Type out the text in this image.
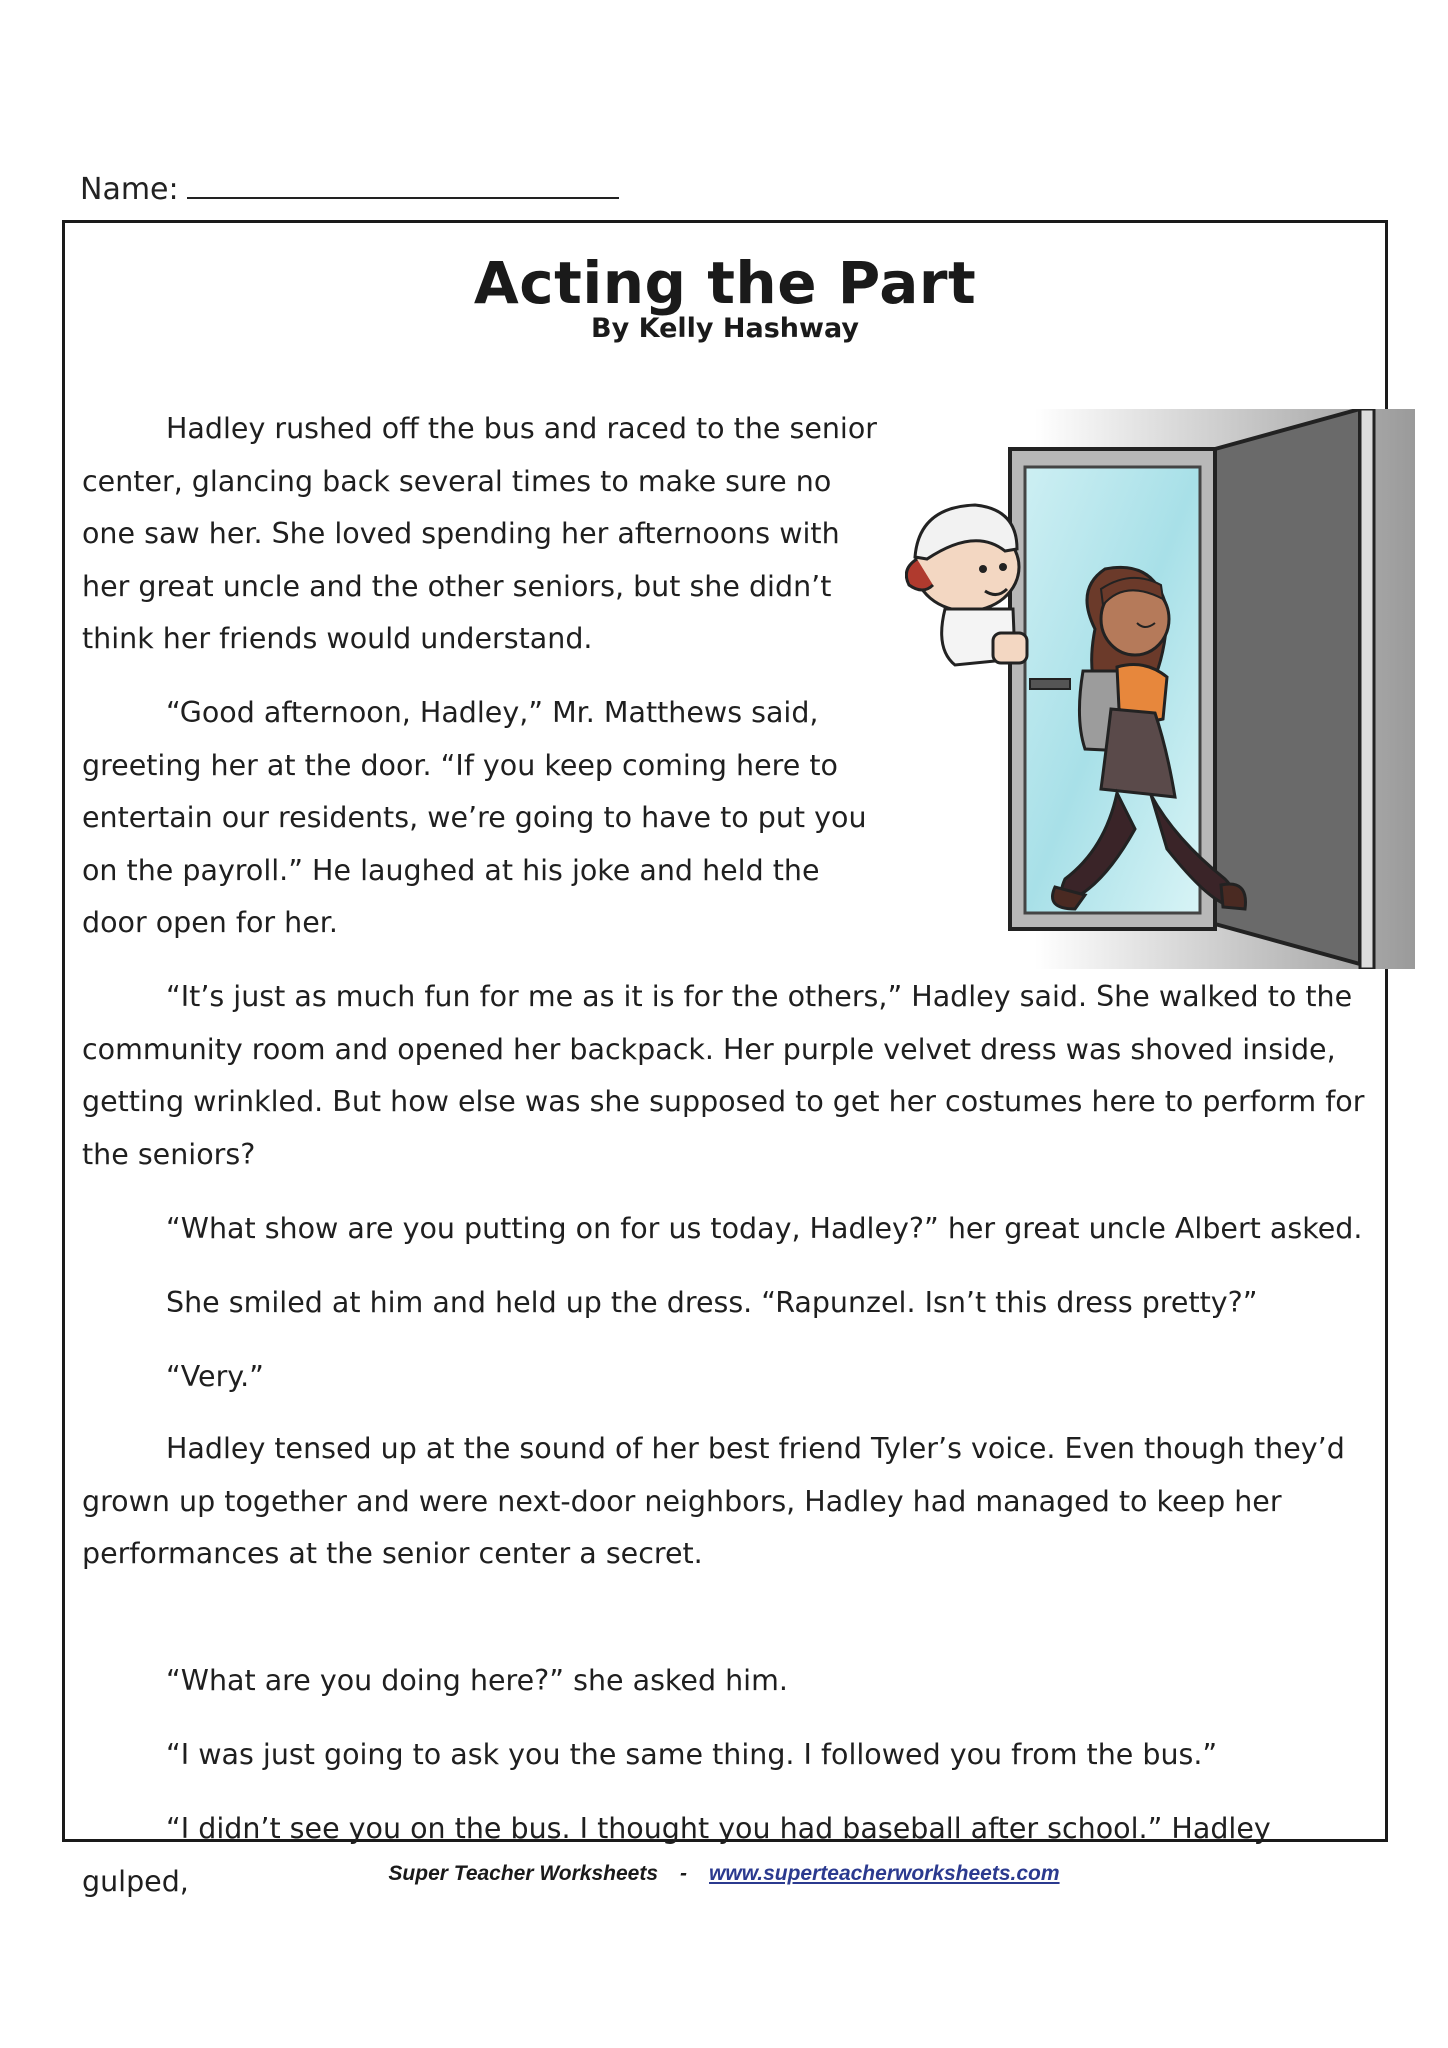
Name:
Acting the Part
By Kelly Hashway

Hadley rushed off the bus and raced to the senior center, glancing back several times to make sure no one saw her. She loved spending her afternoons with her great uncle and the other seniors, but she didn’t think her friends would understand.

“Good afternoon, Hadley,” Mr. Matthews said, greeting her at the door. “If you keep coming here to entertain our residents, we’re going to have to put you on the payroll.” He laughed at his joke and held the door open for her.

“It’s just as much fun for me as it is for the others,” Hadley said. She walked to the community room and opened her backpack. Her purple velvet dress was shoved inside, getting wrinkled. But how else was she supposed to get her costumes here to perform for the seniors?

“What show are you putting on for us today, Hadley?” her great uncle Albert asked.

She smiled at him and held up the dress. “Rapunzel. Isn’t this dress pretty?”

“Very.”

Hadley tensed up at the sound of her best friend Tyler’s voice. Even though they’d grown up together and were next-door neighbors, Hadley had managed to keep her performances at the senior center a secret.

“What are you doing here?” she asked him.

“I was just going to ask you the same thing. I followed you from the bus.”

“I didn’t see you on the bus. I thought you had baseball after school.” Hadley gulped,	Super Teacher Worksheets - www.superteacherworksheets.com
